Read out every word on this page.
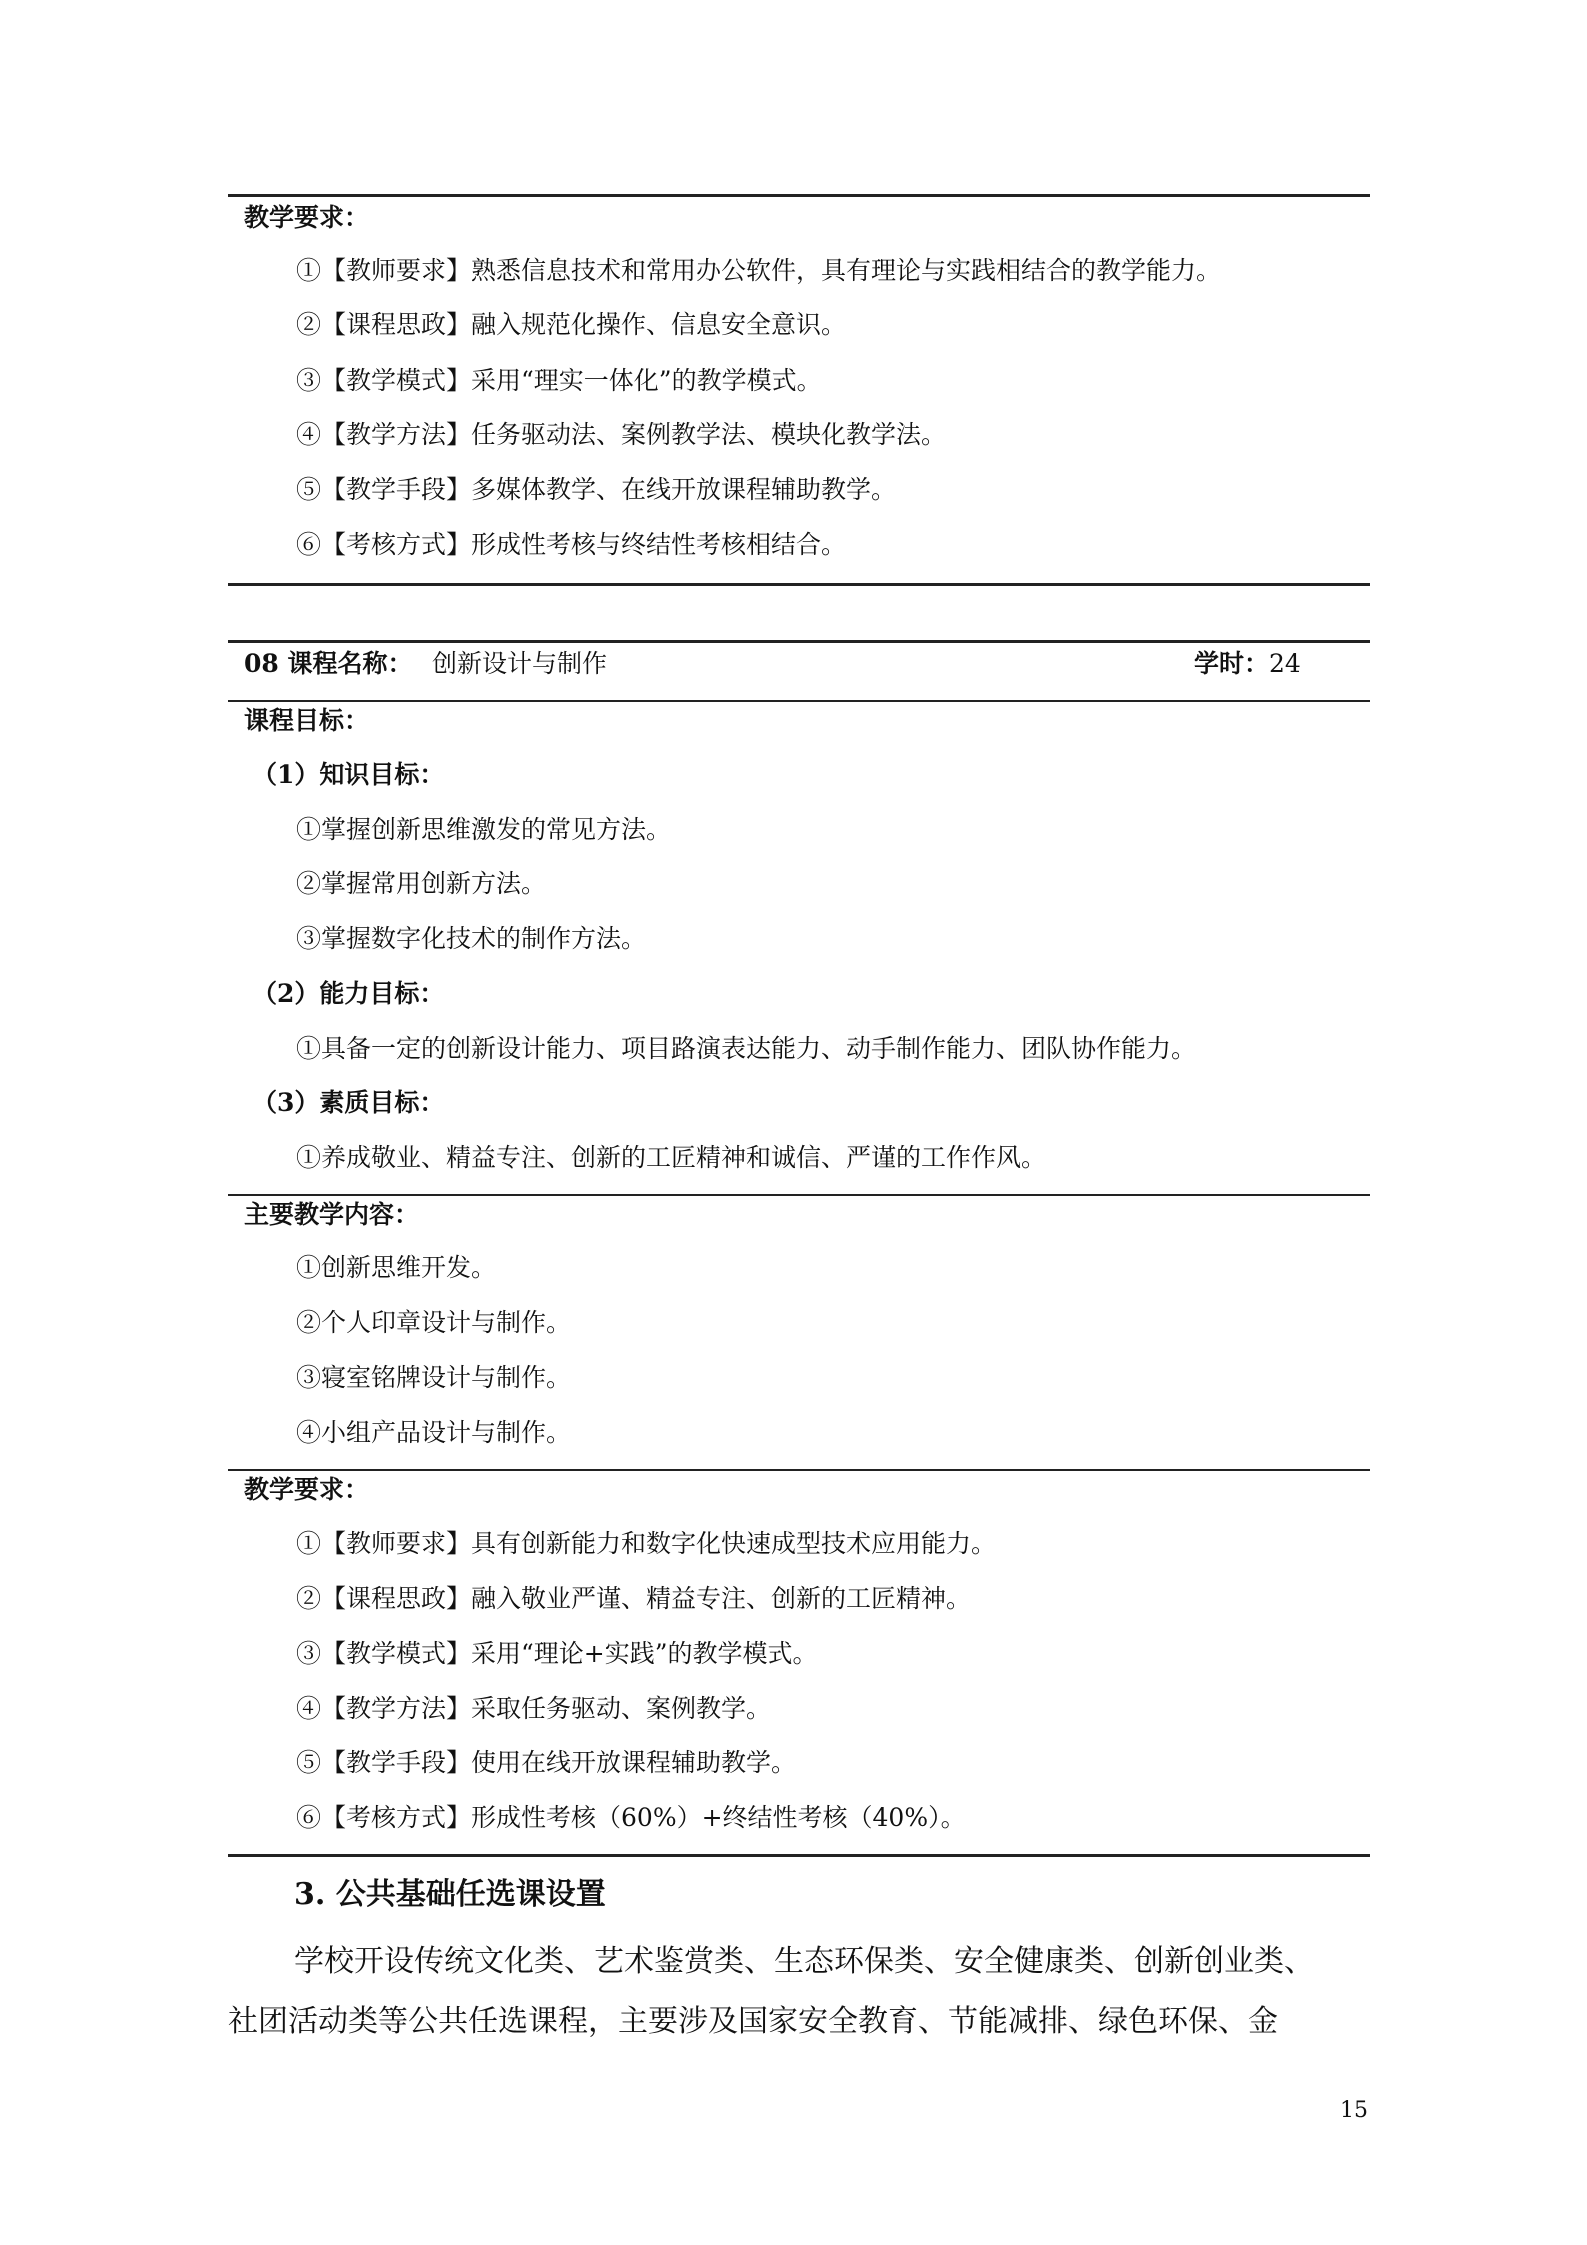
教学要求：
①【教师要求】熟悉信息技术和常用办公软件，具有理论与实践相结合的教学能力。
②【课程思政】融入规范化操作、信息安全意识。
③【教学模式】采用“理实一体化”的教学模式。
④【教学方法】任务驱动法、案例教学法、模块化教学法。
⑤【教学手段】多媒体教学、在线开放课程辅助教学。
⑥【考核方式】形成性考核与终结性考核相结合。
08 课程名称： 创新设计与制作	学时：24
课程目标：
（1）知识目标：
①掌握创新思维激发的常见方法。
②掌握常用创新方法。
③掌握数字化技术的制作方法。
（2）能力目标：
①具备一定的创新设计能力、项目路演表达能力、动手制作能力、团队协作能力。
（3）素质目标：
①养成敬业、精益专注、创新的工匠精神和诚信、严谨的工作作风。
主要教学内容：
①创新思维开发。
②个人印章设计与制作。
③寝室铭牌设计与制作。
④小组产品设计与制作。
教学要求：
①【教师要求】具有创新能力和数字化快速成型技术应用能力。
②【课程思政】融入敬业严谨、精益专注、创新的工匠精神。
③【教学模式】采用“理论+实践”的教学模式。
④【教学方法】采取任务驱动、案例教学。
⑤【教学手段】使用在线开放课程辅助教学。
⑥【考核方式】形成性考核（60%）+终结性考核（40%）。
3. 公共基础任选课设置
学校开设传统文化类、艺术鉴赏类、生态环保类、安全健康类、创新创业类、
社团活动类等公共任选课程，主要涉及国家安全教育、节能减排、绿色环保、金
15
